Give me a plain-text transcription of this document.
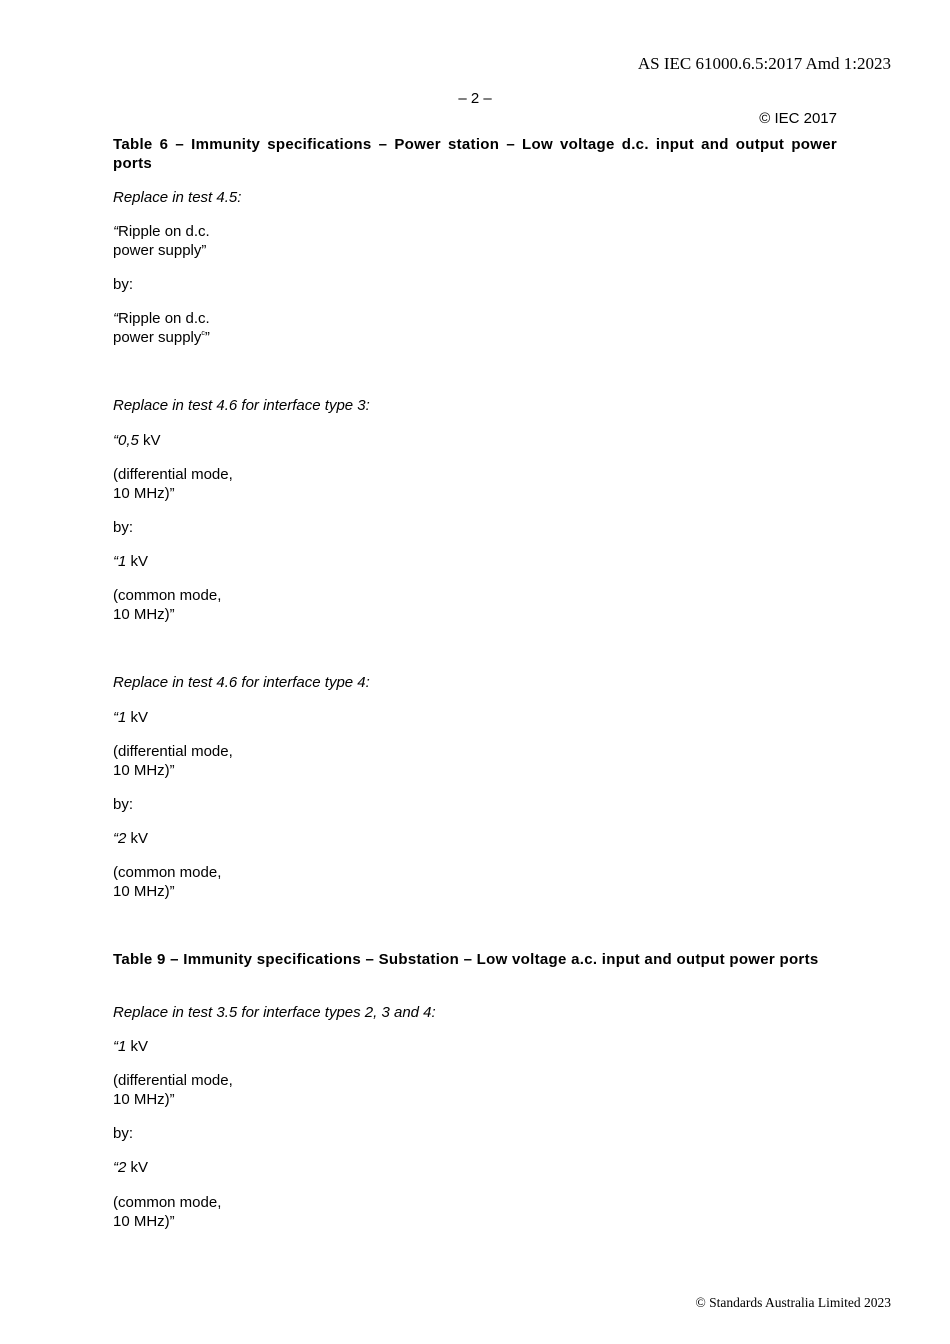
AS IEC 61000.6.5:2017 Amd 1:2023
– 2 –
© IEC 2017
Table 6 – Immunity specifications – Power station – Low voltage d.c. input and output power ports
Replace in test 4.5:
“Ripple on d.c.
power supply”
by:
“Ripple on d.c.
power supply$^c$”
Replace in test 4.6 for interface type 3:
“0,5 kV
(differential mode,
10 MHz)”
by:
“1 kV
(common mode,
10 MHz)”
Replace in test 4.6 for interface type 4:
“1 kV
(differential mode,
10 MHz)”
by:
“2 kV
(common mode,
10 MHz)”
Table 9 – Immunity specifications – Substation – Low voltage a.c. input and output power ports
Replace in test 3.5 for interface types 2, 3 and 4:
“1 kV
(differential mode,
10 MHz)”
by:
“2 kV
(common mode,
10 MHz)”
© Standards Australia Limited 2023
